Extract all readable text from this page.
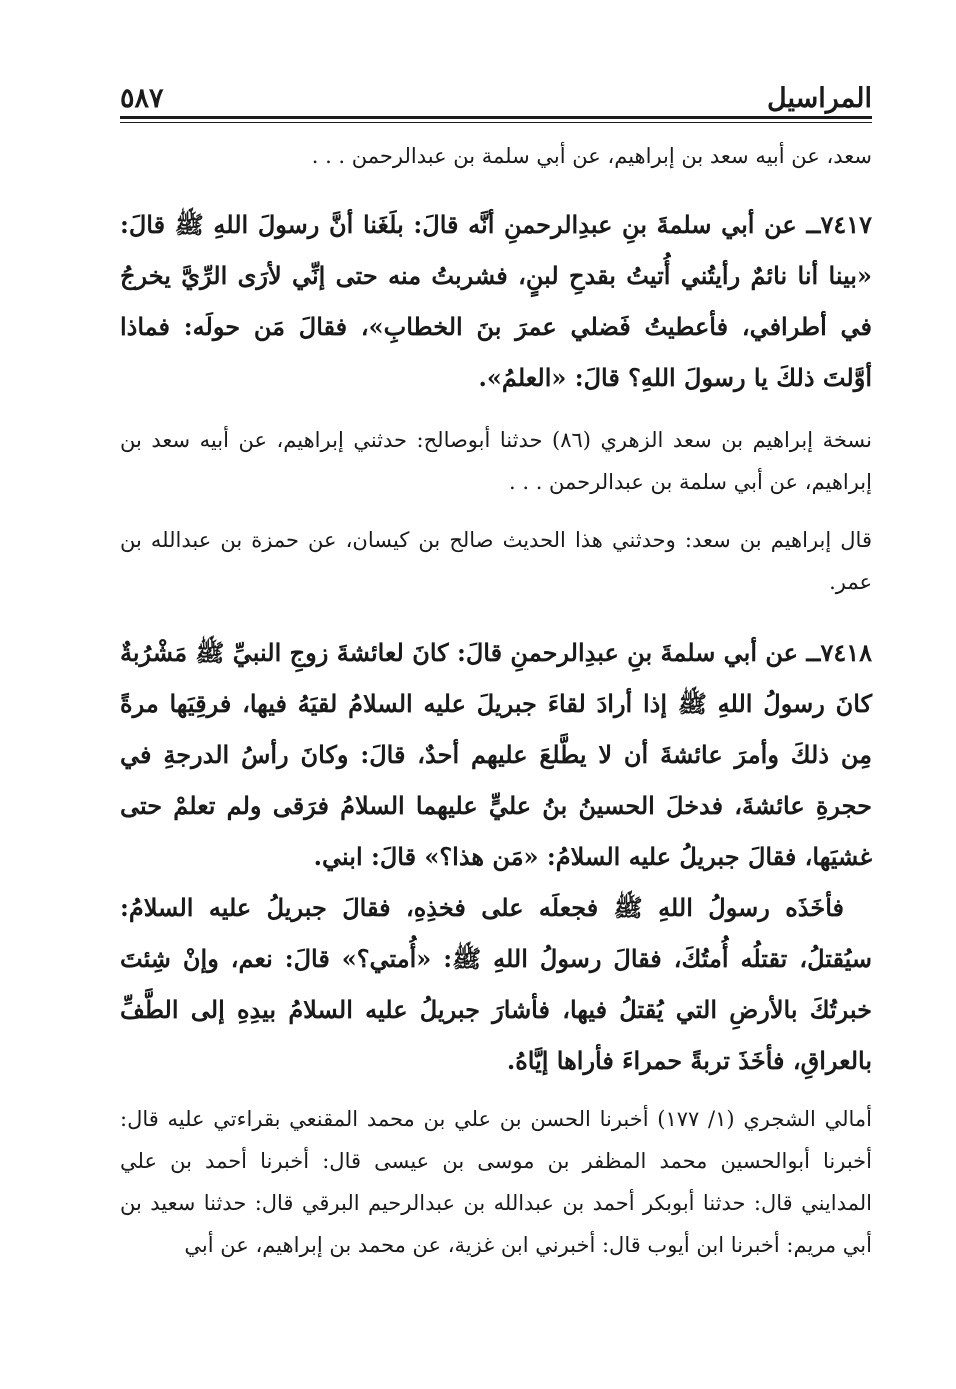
المراسيل
٥٨٧

سعد، عن أبيه سعد بن إبراهيم، عن أبي سلمة بن عبدالرحمن . . .

٧٤١٧ــ عن أبي سلمةَ بنِ عبدِالرحمنِ أنَّه قالَ: بلَغَنا أنَّ رسولَ اللهِ ﷺ قالَ: «بينا أنا نائمٌ رأيتُني أُتيتُ بقدحِ لبنٍ، فشربتُ منه حتى إنِّي لأرَى الرِّيَّ يخرجُ في أطرافي، فأعطيتُ فَضلي عمرَ بنَ الخطابِ»، فقالَ مَن حولَه: فماذا أوَّلتَ ذلكَ يا رسولَ اللهِ؟ قالَ: «العلمُ».

نسخة إبراهيم بن سعد الزهري (٨٦) حدثنا أبوصالح: حدثني إبراهيم، عن أبيه سعد بن إبراهيم، عن أبي سلمة بن عبدالرحمن . . .

قال إبراهيم بن سعد: وحدثني هذا الحديث صالح بن كيسان، عن حمزة بن عبدالله بن عمر.

٧٤١٨ــ عن أبي سلمةَ بنِ عبدِالرحمنِ قالَ: كانَ لعائشةَ زوجِ النبيِّ ﷺ مَشْرُبةٌ كانَ رسولُ اللهِ ﷺ إذا أرادَ لقاءَ جبريلَ عليه السلامُ لقيَهُ فيها، فرقِيَها مرةً مِن ذلكَ وأمرَ عائشةَ أن لا يطَّلعَ عليهم أحدٌ، قالَ: وكانَ رأسُ الدرجةِ في حجرةِ عائشةَ، فدخلَ الحسينُ بنُ عليٍّ عليهما السلامُ فرَقى ولم تعلمْ حتى غشيَها، فقالَ جبريلُ عليه السلامُ: «مَن هذا؟» قالَ: ابني.

فأخَذَه رسولُ اللهِ ﷺ فجعلَه على فخذِهِ، فقالَ جبريلُ عليه السلامُ: سيُقتلُ، تقتلُه أُمتُكَ، فقالَ رسولُ اللهِ ﷺ: «أُمتي؟» قالَ: نعم، وإنْ شِئتَ خبرتُكَ بالأرضِ التي يُقتلُ فيها، فأشارَ جبريلُ عليه السلامُ بيدِهِ إلى الطَّفِّ بالعراقِ، فأخَذَ تربةً حمراءَ فأراها إيَّاهُ.

أمالي الشجري (١/ ١٧٧) أخبرنا الحسن بن علي بن محمد المقنعي بقراءتي عليه قال: أخبرنا أبوالحسين محمد المظفر بن موسى بن عيسى قال: أخبرنا أحمد بن علي المدايني قال: حدثنا أبوبكر أحمد بن عبدالله بن عبدالرحيم البرقي قال: حدثنا سعيد بن أبي مريم: أخبرنا ابن أيوب قال: أخبرني ابن غزية، عن محمد بن إبراهيم، عن أبي
